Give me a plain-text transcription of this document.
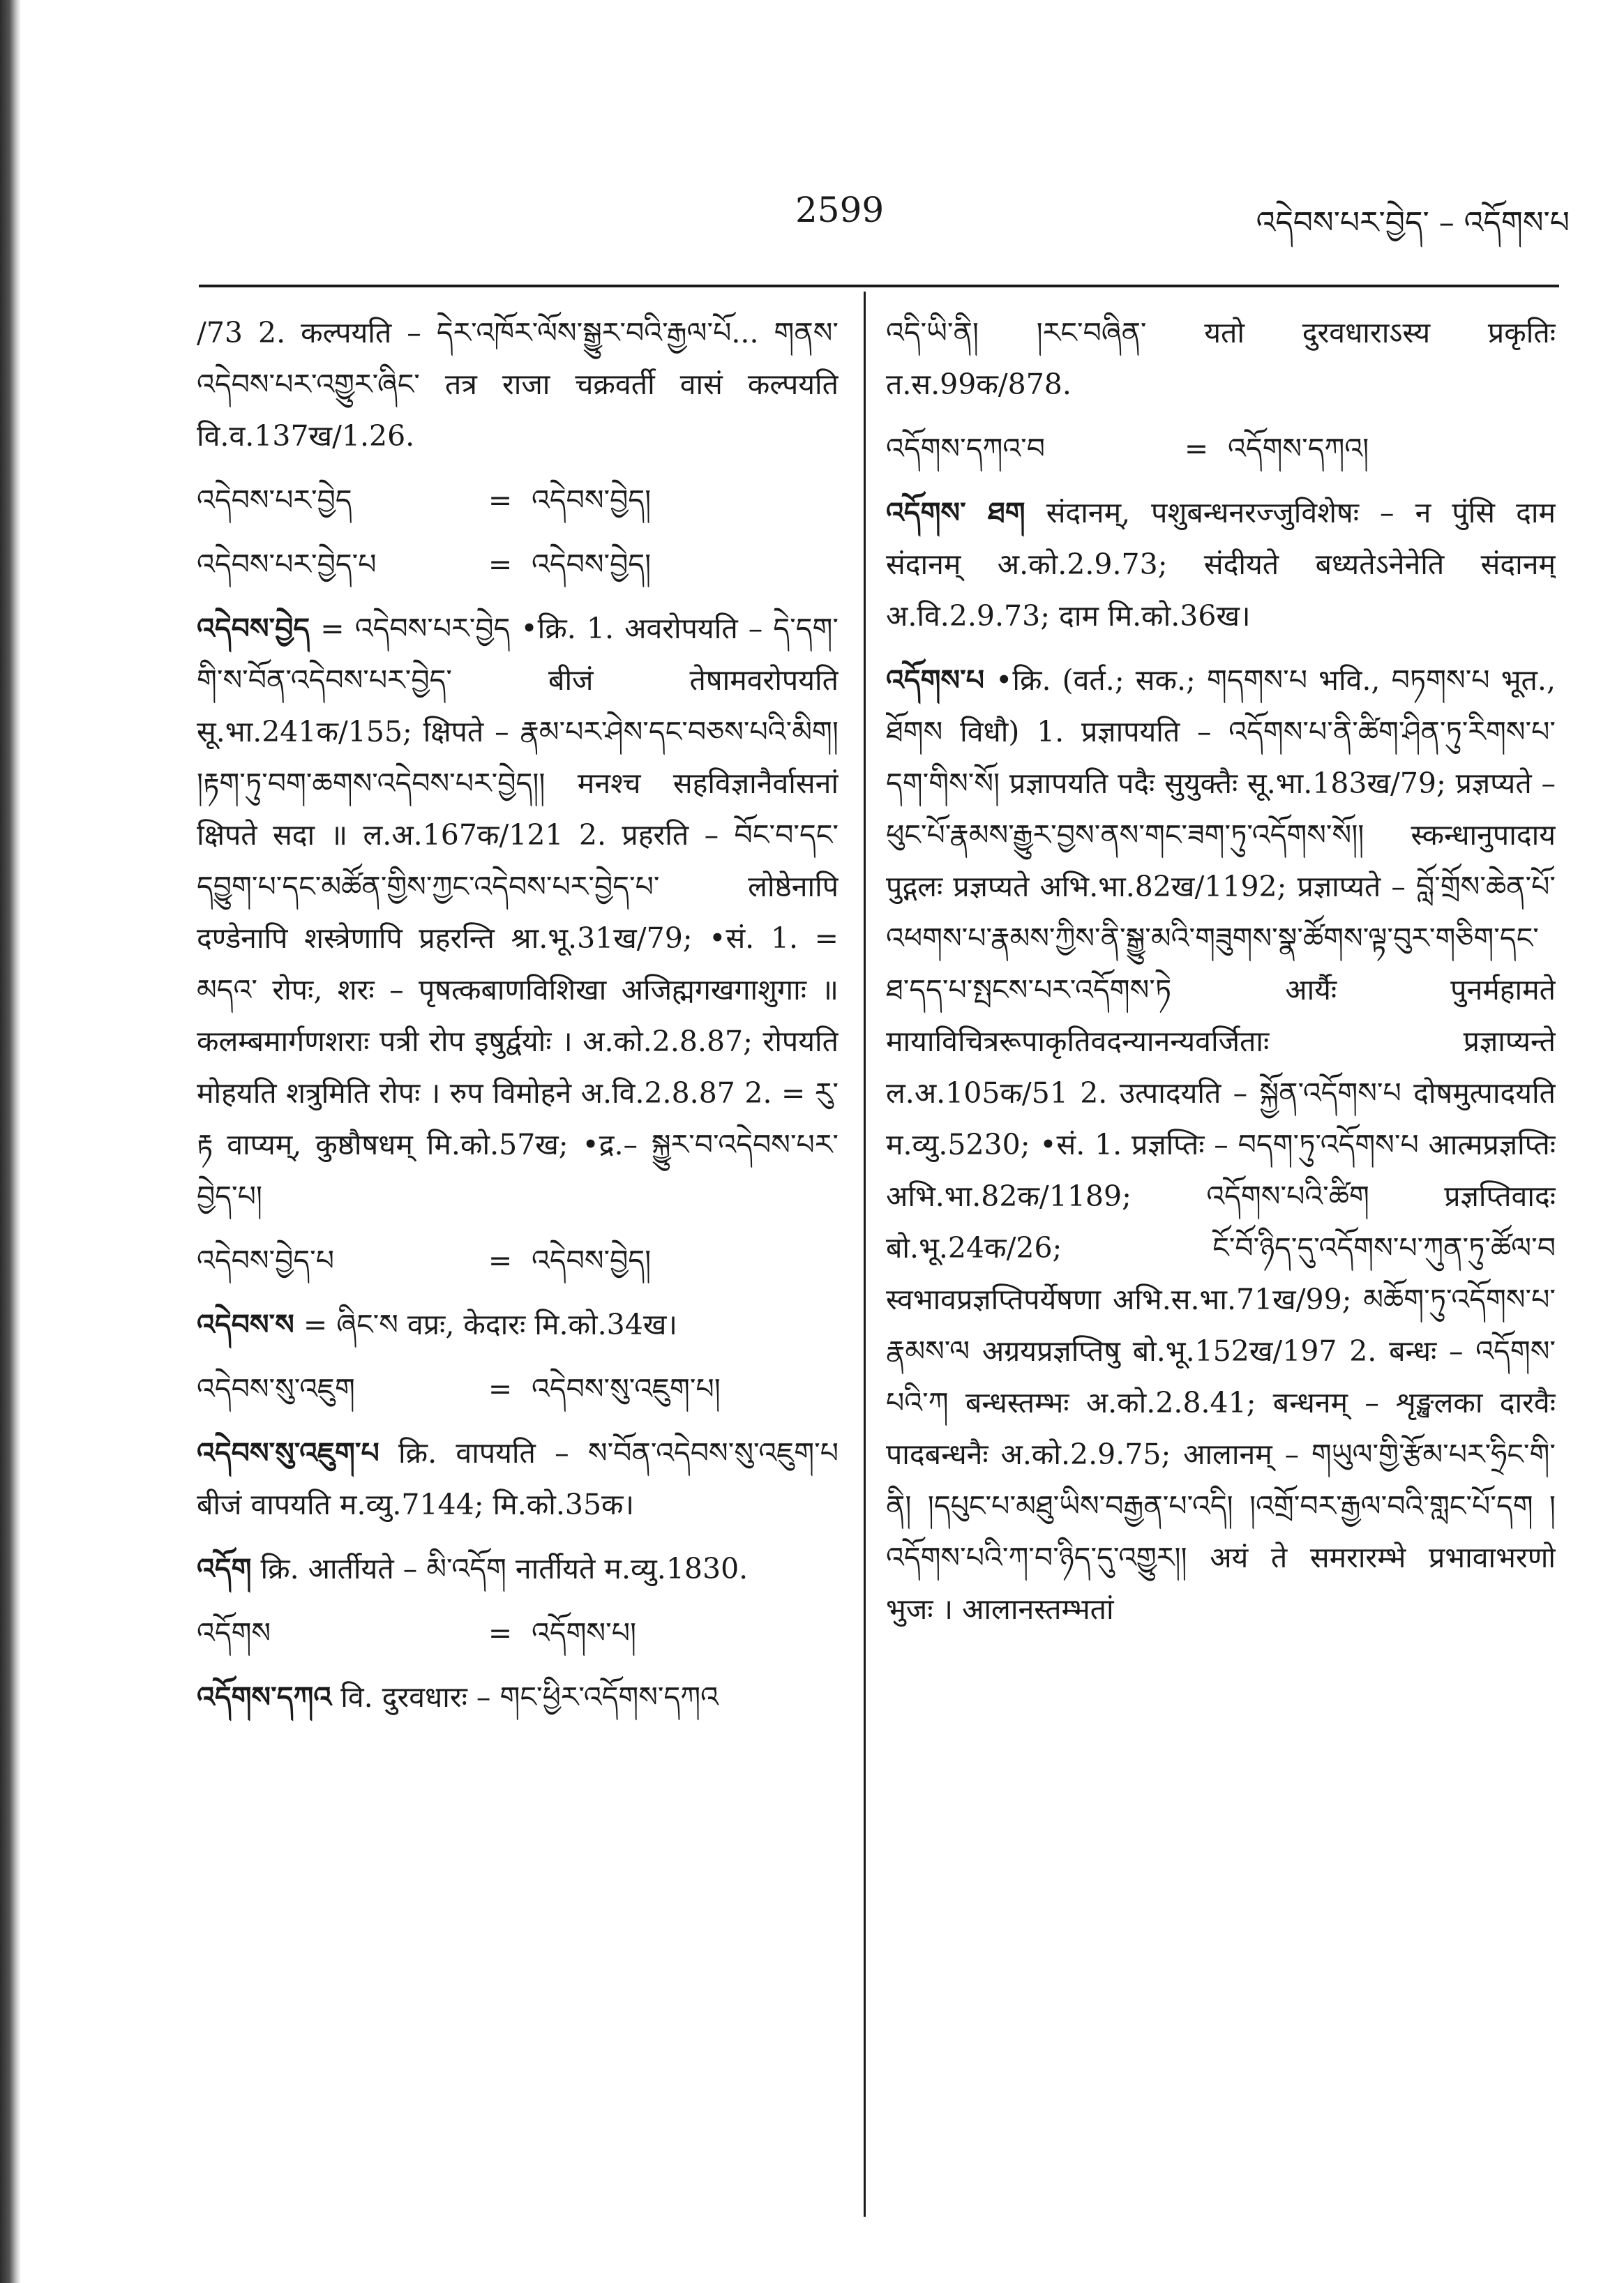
2599	འདེབས་པར་བྱེད་ – འདོགས་པ
/73 2. कल्पयति – དེར་འཁོར་ལོས་སྒྱུར་བའི་རྒྱལ་པོ... གནས་འདེབས་པར་འགྱུར་ཞིང་ तत्र राजा चक्रवर्ती वासं कल्पयति वि.व.137ख/1.26.
འདེབས་པར་བྱེད	= འདེབས་བྱེད།
འདེབས་པར་བྱེད་པ	= འདེབས་བྱེད།
འདེབས་བྱེད = འདེབས་པར་བྱེད •क्रि. 1. अवरोपयति – དེ་དག་གི་ས་བོན་འདེབས་པར་བྱེད་ बीजं तेषामवरोपयति सू.भा.241क/155; क्षिपते – རྣམ་པར་ཤེས་དང་བཅས་པའི་མིག། །རྟག་ཏུ་བག་ཆགས་འདེབས་པར་བྱེད།། मनश्च सहविज्ञानैर्वासनां क्षिपते सदा ॥ ल.अ.167क/121 2. प्रहरति – བོང་བ་དང་དབྱུག་པ་དང་མཚོན་གྱིས་ཀྱང་འདེབས་པར་བྱེད་པ་ लोष्ठेनापि दण्डेनापि शस्त्रेणापि प्रहरन्ति श्रा.भू.31ख/79; •सं. 1. = མདའ་ रोपः, शरः – पृषत्कबाणविशिखा अजिह्मगखगाशुगाः ॥ कलम्बमार्गणशराः पत्री रोप इषुर्द्वयोः । अ.को.2.8.87; रोपयति मोहयति शत्रुमिति रोपः । रुप विमोहने अ.वि.2.8.87 2. = རུ་རྟ वाप्यम्, कुष्ठौषधम् मि.को.57ख; •द्र.– སྐྱུར་བ་འདེབས་པར་བྱེད་པ།
འདེབས་བྱེད་པ	= འདེབས་བྱེད།
འདེབས་ས = ཞིང་ས वप्रः, केदारः मि.को.34ख।
འདེབས་སུ་འཇུག	= འདེབས་སུ་འཇུག་པ།
འདེབས་སུ་འཇུག་པ क्रि. वापयति – ས་བོན་འདེབས་སུ་འཇུག་པ बीजं वापयति म.व्यु.7144; मि.को.35क।
འདོག क्रि. आर्तीयते – མི་འདོག नार्तीयते म.व्यु.1830.
འདོགས	= འདོགས་པ།
འདོགས་དཀའ वि. दुरवधारः – གང་ཕྱིར་འདོགས་དཀའ
འདི་ཡི་ནི། །རང་བཞིན་ यतो दुरवधाराऽस्य प्रकृतिः त.स.99क/878.
འདོགས་དཀའ་བ	= འདོགས་དཀའ།
འདོགས་ ཐག संदानम्, पशुबन्धनरज्जुविशेषः – न पुंसि दाम संदानम् अ.को.2.9.73; संदीयते बध्यतेऽनेनेति संदानम् अ.वि.2.9.73; दाम मि.को.36ख।
འདོགས་པ •क्रि. (वर्त.; सक.; གདགས་པ भवि., བཏགས་པ भूत., ཐོགས विधौ) 1. प्रज्ञापयति – འདོགས་པ་ནི་ཚིག་ཤིན་ཏུ་རིགས་པ་དག་གིས་སོ། प्रज्ञापयति पदैः सुयुक्तैः सू.भा.183ख/79; प्रज्ञप्यते – ཕུང་པོ་རྣམས་རྒྱུར་བྱས་ནས་གང་ཟག་ཏུ་འདོགས་སོ།། स्कन्धानुपादाय पुद्गलः प्रज्ञप्यते अभि.भा.82ख/1192; प्रज्ञाप्यते – བློ་གྲོས་ཆེན་པོ་འཕགས་པ་རྣམས་ཀྱིས་ནི་སྒྱུ་མའི་གཟུགས་སྣ་ཚོགས་ལྟ་བུར་གཅིག་དང་ཐ་དད་པ་སྤངས་པར་འདོགས་ཏེ आर्यैः पुनर्महामते मायाविचित्ररूपाकृतिवदन्यानन्यवर्जिताः प्रज्ञाप्यन्ते ल.अ.105क/51 2. उत्पादयति – སྐྱོན་འདོགས་པ दोषमुत्पादयति म.व्यु.5230; •सं. 1. प्रज्ञप्तिः – བདག་ཏུ་འདོགས་པ आत्मप्रज्ञप्तिः अभि.भा.82क/1189; འདོགས་པའི་ཚིག प्रज्ञप्तिवादः बो.भू.24क/26; ངོ་བོ་ཉིད་དུ་འདོགས་པ་ཀུན་ཏུ་ཚོལ་བ स्वभावप्रज्ञप्तिपर्येषणा अभि.स.भा.71ख/99; མཆོག་ཏུ་འདོགས་པ་རྣམས་ལ अग्रयप्रज्ञप्तिषु बो.भू.152ख/197 2. बन्धः – འདོགས་པའི་ཀ बन्धस्तम्भः अ.को.2.8.41; बन्धनम् – शृङ्खलका दारवैः पादबन्धनैः अ.को.2.9.75; आलानम् – གཡུལ་གྱི་རྩོམ་པར་ཧྲིང་གི་ནི། །དཔུང་པ་མཐུ་ཡིས་བརྒྱན་པ་འདི། །འགྲོ་བར་རྒྱལ་བའི་གླང་པོ་དག །འདོགས་པའི་ཀ་བ་ཉིད་དུ་འགྱུར།། अयं ते समरारम्भे प्रभावाभरणो भुजः । आलानस्तम्भतां
